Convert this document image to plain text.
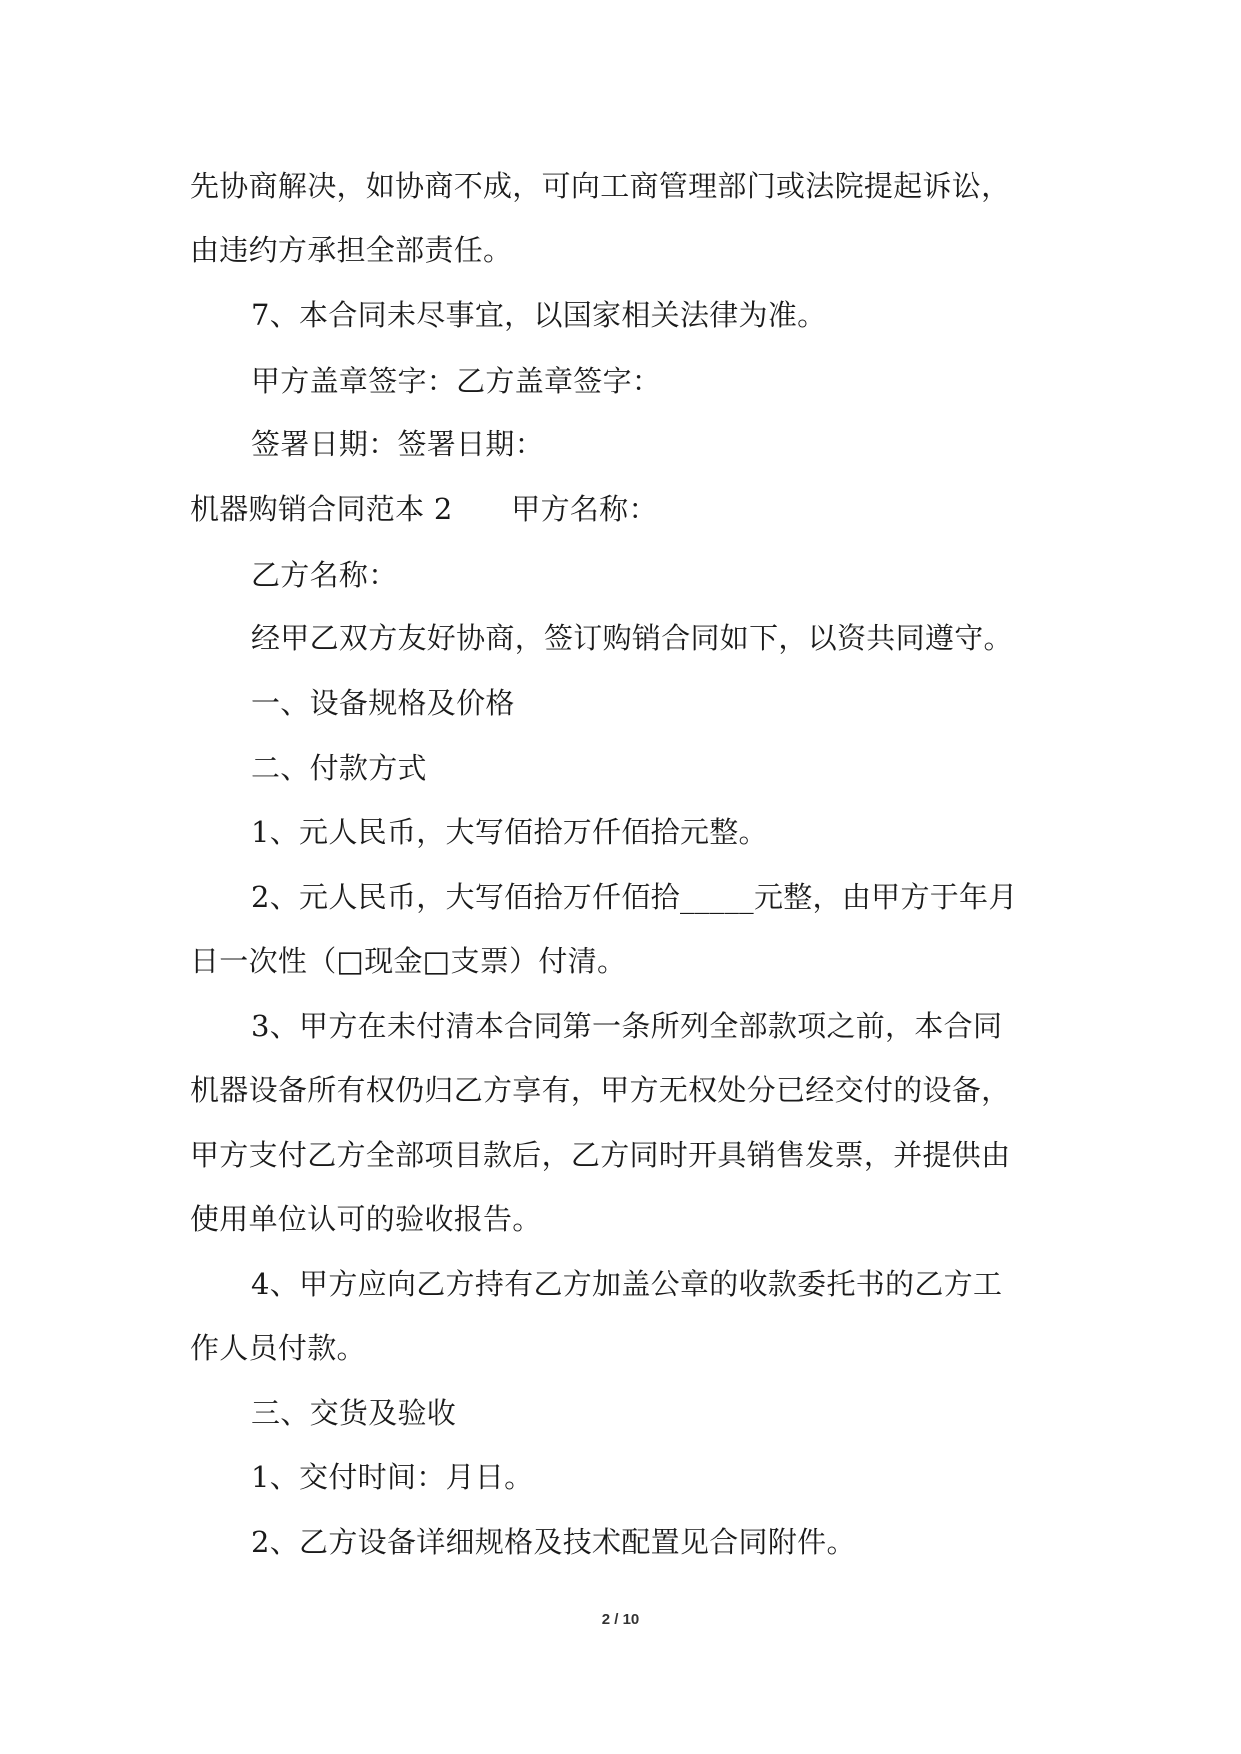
先协商解决，如协商不成，可向工商管理部门或法院提起诉讼，
由违约方承担全部责任。
7、本合同未尽事宜，以国家相关法律为准。
甲方盖章签字：乙方盖章签字：
签署日期：签署日期：
机器购销合同范本 2　　甲方名称：
乙方名称：
经甲乙双方友好协商，签订购销合同如下，以资共同遵守。
一、设备规格及价格
二、付款方式
1、元人民币，大写佰拾万仟佰拾元整。
2、元人民币，大写佰拾万仟佰拾_____元整，由甲方于年月
日一次性（□现金□支票）付清。
3、甲方在未付清本合同第一条所列全部款项之前，本合同
机器设备所有权仍归乙方享有，甲方无权处分已经交付的设备，
甲方支付乙方全部项目款后，乙方同时开具销售发票，并提供由
使用单位认可的验收报告。
4、甲方应向乙方持有乙方加盖公章的收款委托书的乙方工
作人员付款。
三、交货及验收
1、交付时间：月日。
2、乙方设备详细规格及技术配置见合同附件。
2 / 10
